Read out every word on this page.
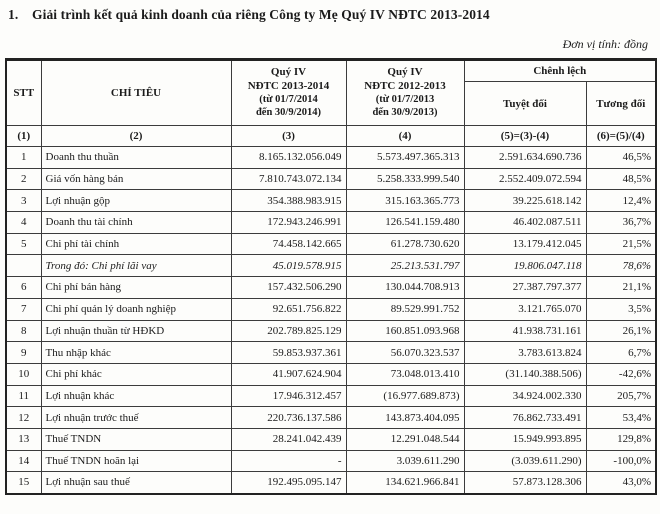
1.	Giải trình kết quả kinh doanh của riêng Công ty Mẹ Quý IV NĐTC 2013-2014
Đơn vị tính: đồng
STT	CHỈ TIÊU	Quý IV
NĐTC 2013-2014
(từ 01/7/2014
đến 30/9/2014)	Quý IV
NĐTC 2012-2013
(từ 01/7/2013
đến 30/9/2013)	Chênh lệch	
				Tuyệt đối	Tương đối
(1)	(2)	(3)	(4)	(5)=(3)-(4)	(6)=(5)/(4)
1	Doanh thu thuần	8.165.132.056.049	5.573.497.365.313	2.591.634.690.736	46,5%
2	Giá vốn hàng bán	7.810.743.072.134	5.258.333.999.540	2.552.409.072.594	48,5%
3	Lợi nhuận gộp	354.388.983.915	315.163.365.773	39.225.618.142	12,4%
4	Doanh thu tài chính	172.943.246.991	126.541.159.480	46.402.087.511	36,7%
5	Chi phí tài chính	74.458.142.665	61.278.730.620	13.179.412.045	21,5%
	Trong đó: Chi phí lãi vay	45.019.578.915	25.213.531.797	19.806.047.118	78,6%
6	Chi phí bán hàng	157.432.506.290	130.044.708.913	27.387.797.377	21,1%
7	Chi phí quản lý doanh nghiệp	92.651.756.822	89.529.991.752	3.121.765.070	3,5%
8	Lợi nhuận thuần từ HĐKD	202.789.825.129	160.851.093.968	41.938.731.161	26,1%
9	Thu nhập khác	59.853.937.361	56.070.323.537	3.783.613.824	6,7%
10	Chi phí khác	41.907.624.904	73.048.013.410	(31.140.388.506)	-42,6%
11	Lợi nhuận khác	17.946.312.457	(16.977.689.873)	34.924.002.330	205,7%
12	Lợi nhuận trước thuế	220.736.137.586	143.873.404.095	76.862.733.491	53,4%
13	Thuế TNDN	28.241.042.439	12.291.048.544	15.949.993.895	129,8%
14	Thuế TNDN hoãn lại	-	3.039.611.290	(3.039.611.290)	-100,0%
15	Lợi nhuận sau thuế	192.495.095.147	134.621.966.841	57.873.128.306	43,0%
